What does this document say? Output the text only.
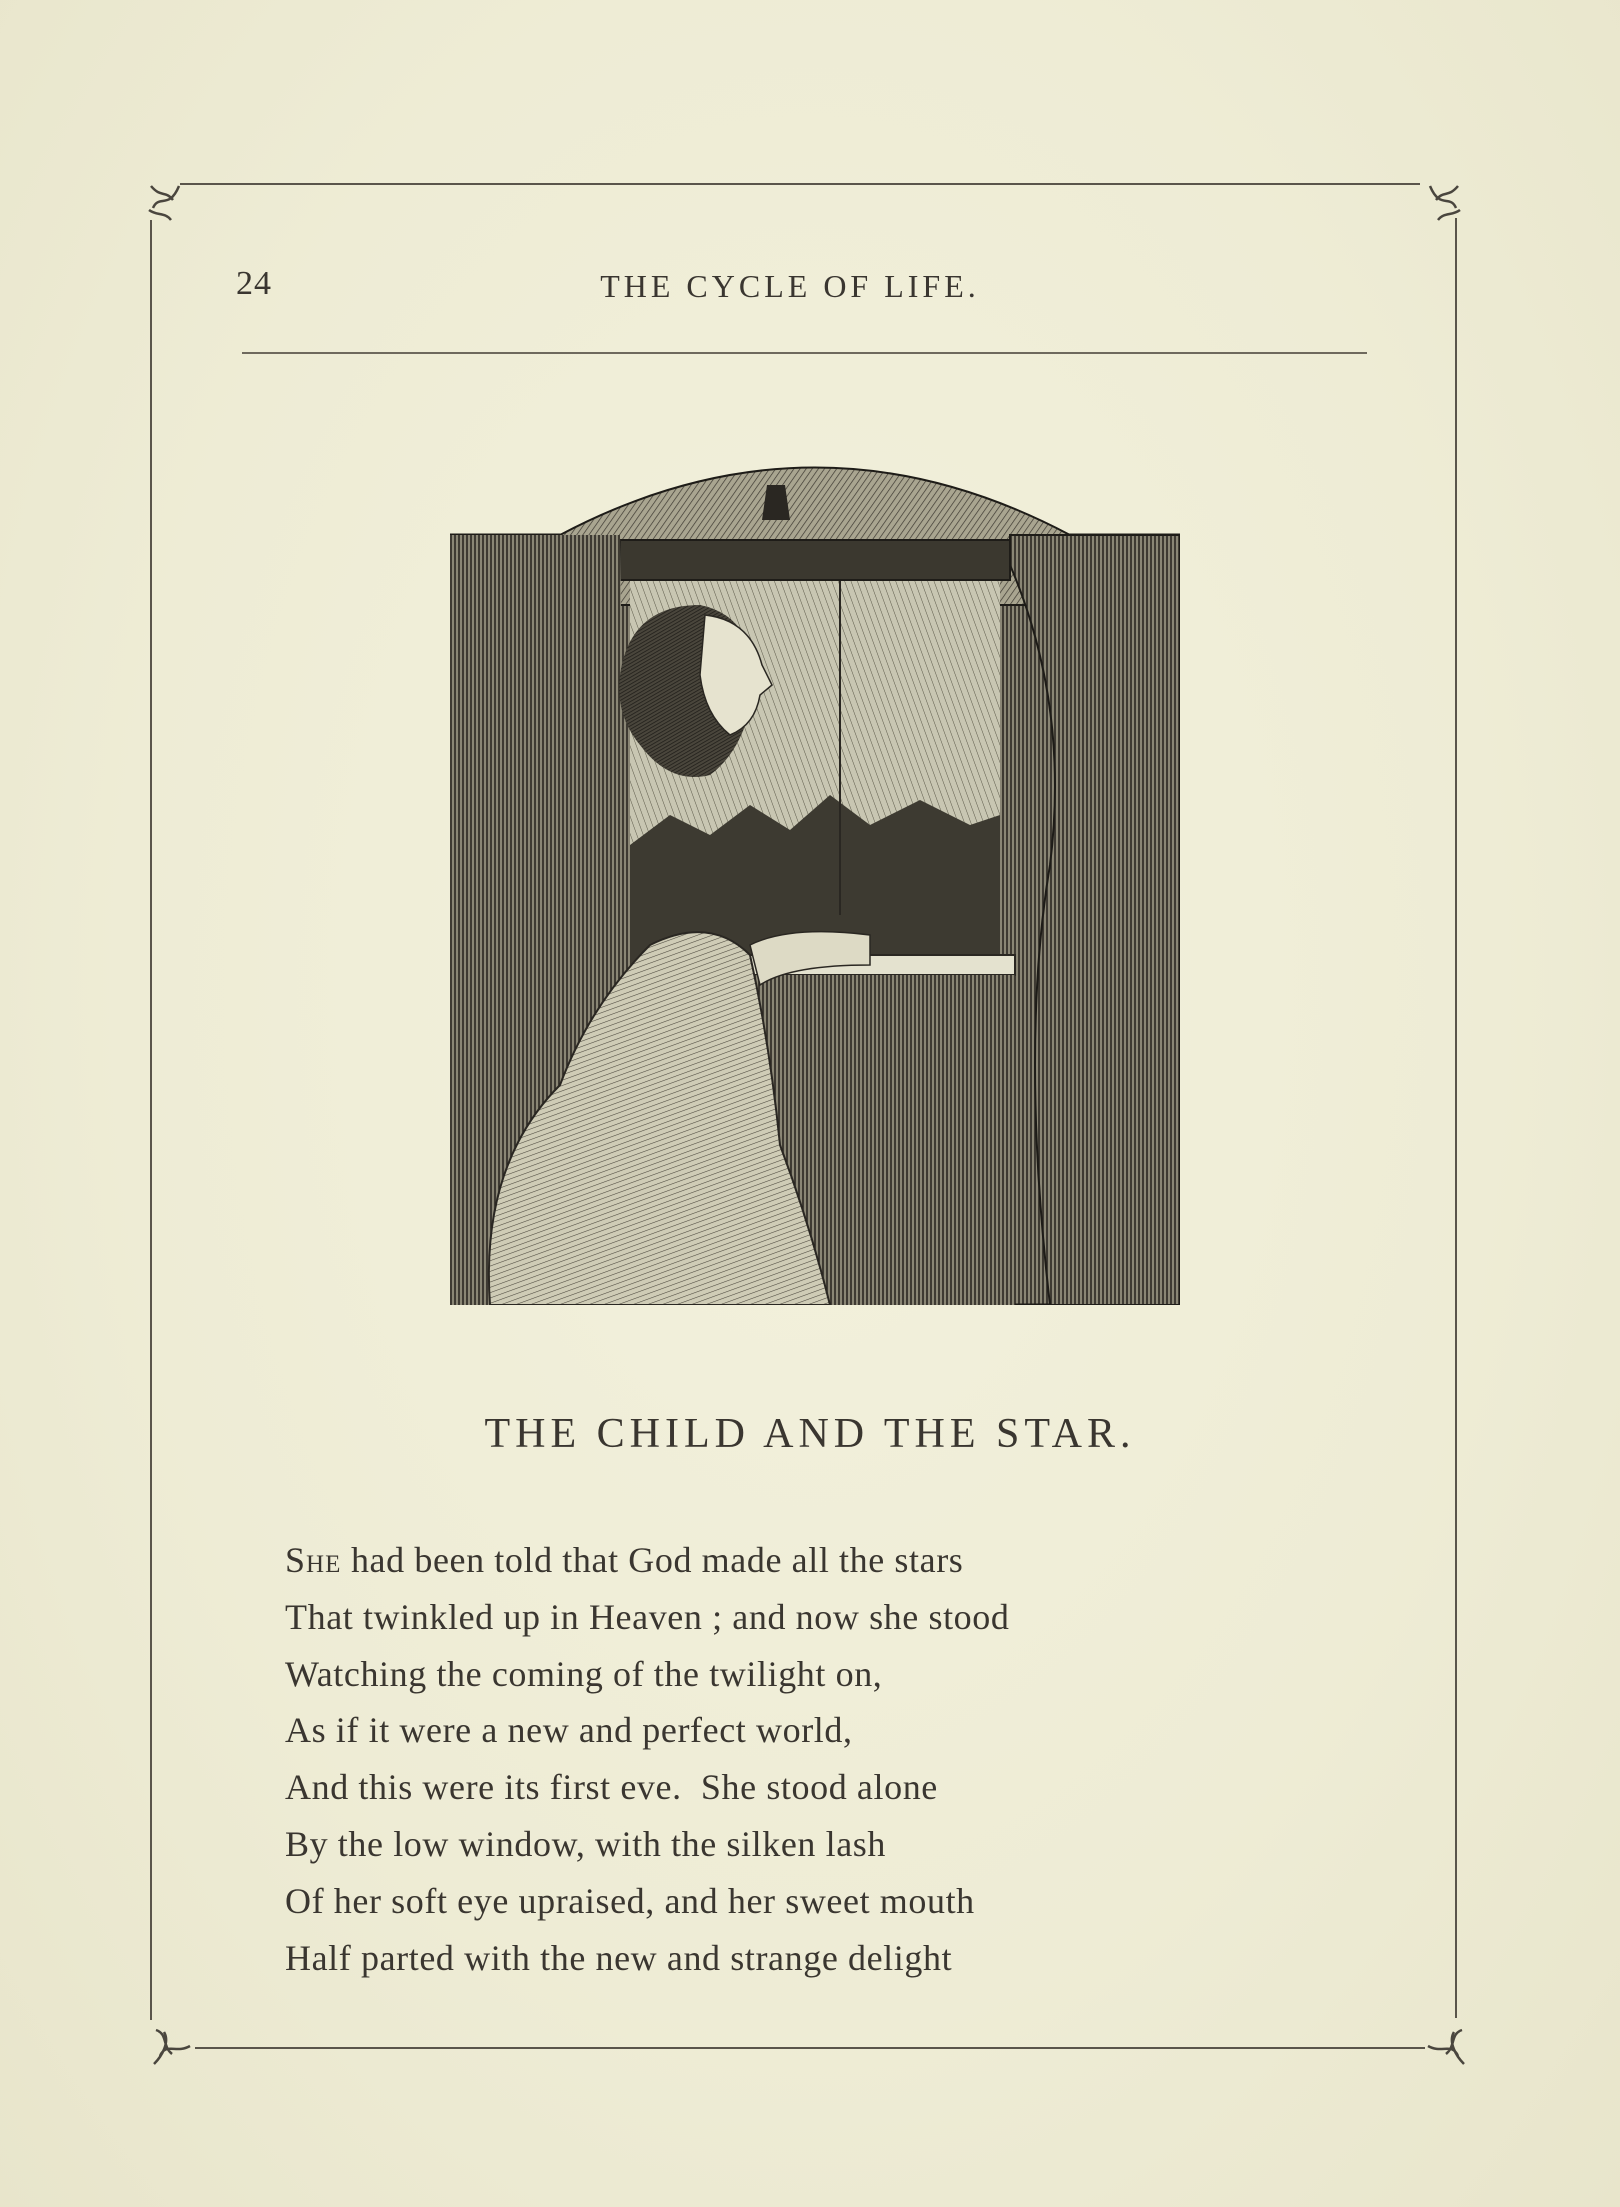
24	THE CYCLE OF LIFE.
THE CHILD AND THE STAR.
She had been told that God made all the stars
That twinkled up in Heaven ; and now she stood
Watching the coming of the twilight on,
As if it were a new and perfect world,
And this were its first eve.  She stood alone
By the low window, with the silken lash
Of her soft eye upraised, and her sweet mouth
Half parted with the new and strange delight
